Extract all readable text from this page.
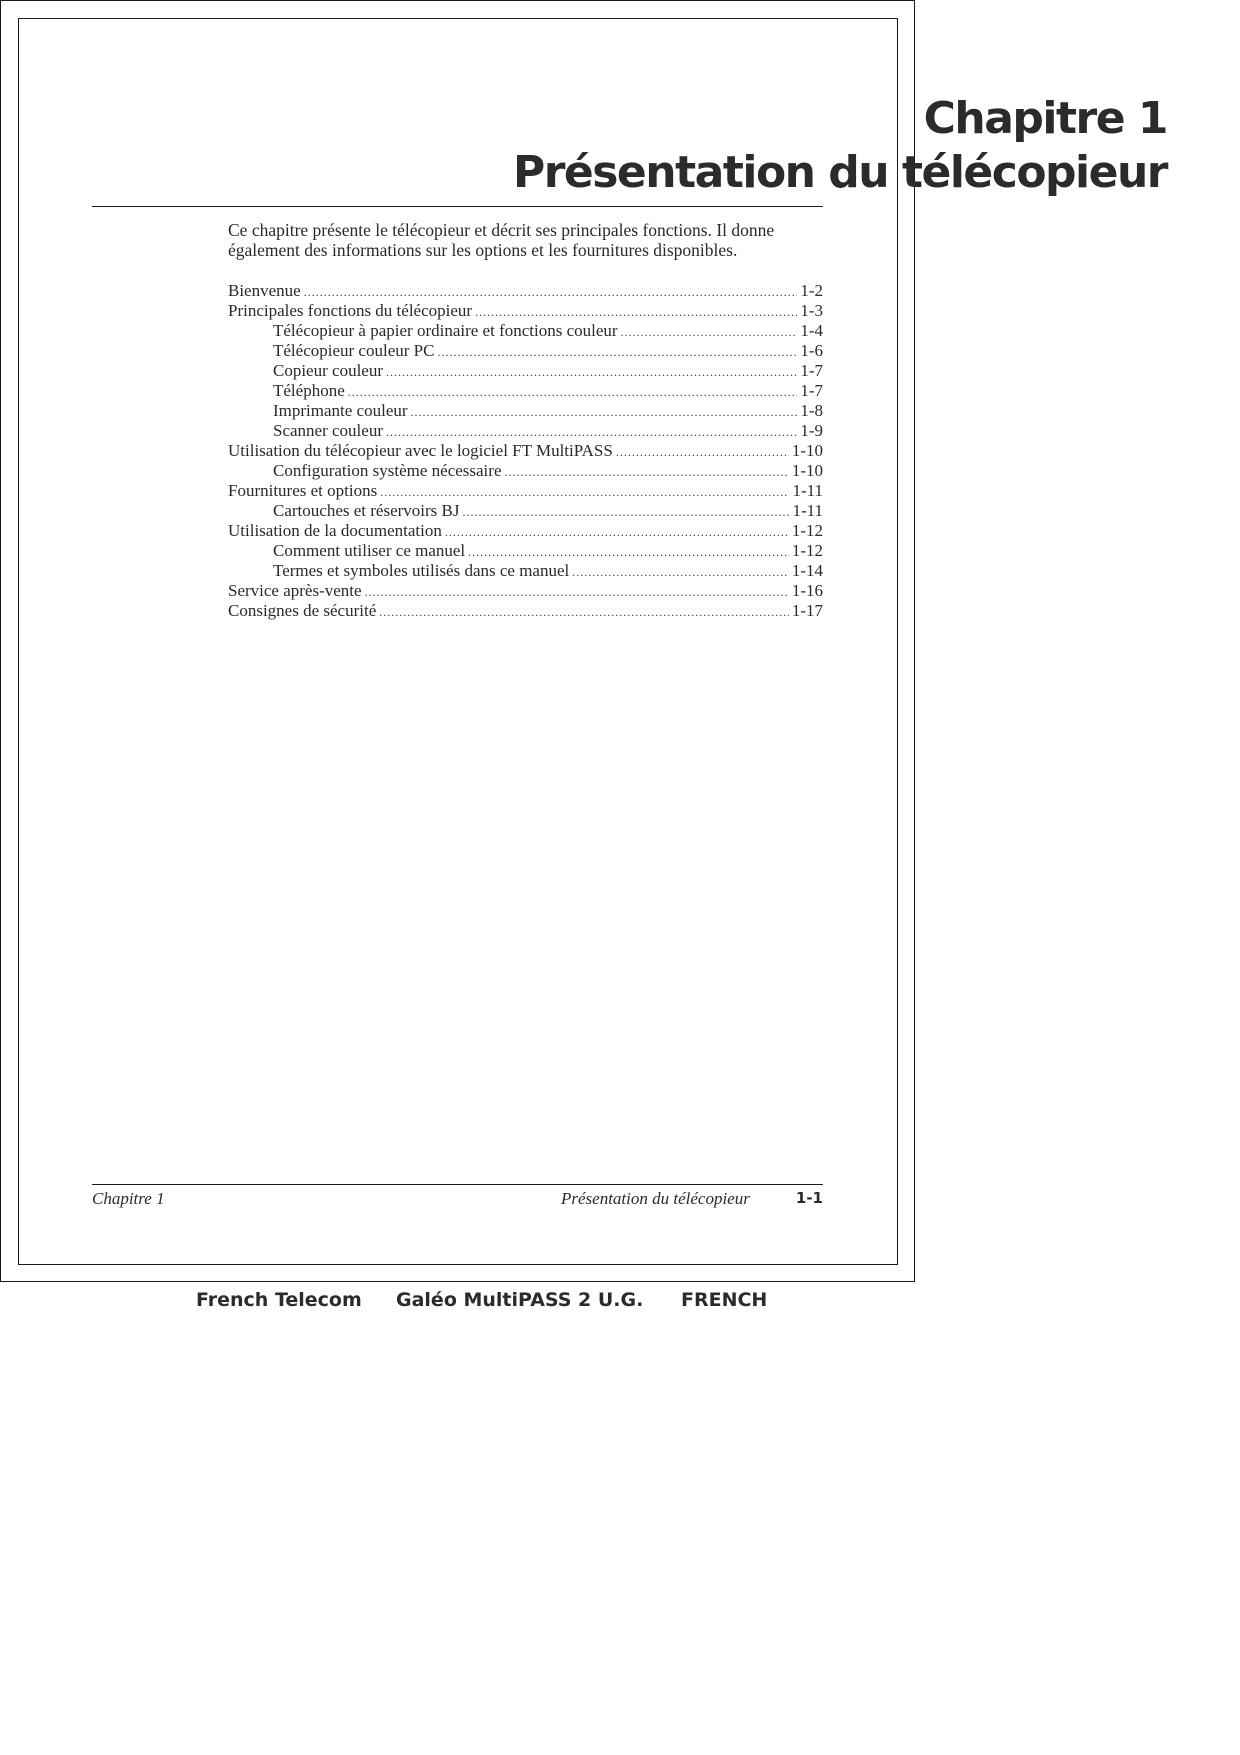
Chapitre 1
Présentation du télécopieur

Ce chapitre présente le télécopieur et décrit ses principales fonctions. Il donne

également des informations sur les options et les fournitures disponibles.

Bienvenue .....	1-2
Principales fonctions du télécopieur .....	1-3
Télécopieur à papier ordinaire et fonctions couleur .....	1-4
Télécopieur couleur PC .....	1-6
Copieur couleur .....	1-7
Téléphone .....	1-7
Imprimante couleur .....	1-8
Scanner couleur .....	1-9
Utilisation du télécopieur avec le logiciel FT MultiPASS .....	1-10
Configuration système nécessaire .....	1-10
Fournitures et options .....	1-11
Cartouches et réservoirs BJ .....	1-11
Utilisation de la documentation .....	1-12
Comment utiliser ce manuel .....	1-12
Termes et symboles utilisés dans ce manuel .....	1-14
Service après-vente .....	1-16
Consignes de sécurité .....	1-17
Chapitre 1	Présentation du télécopieur	1-1
French Telecom Galéo MultiPASS 2 U.G. FRENCH
